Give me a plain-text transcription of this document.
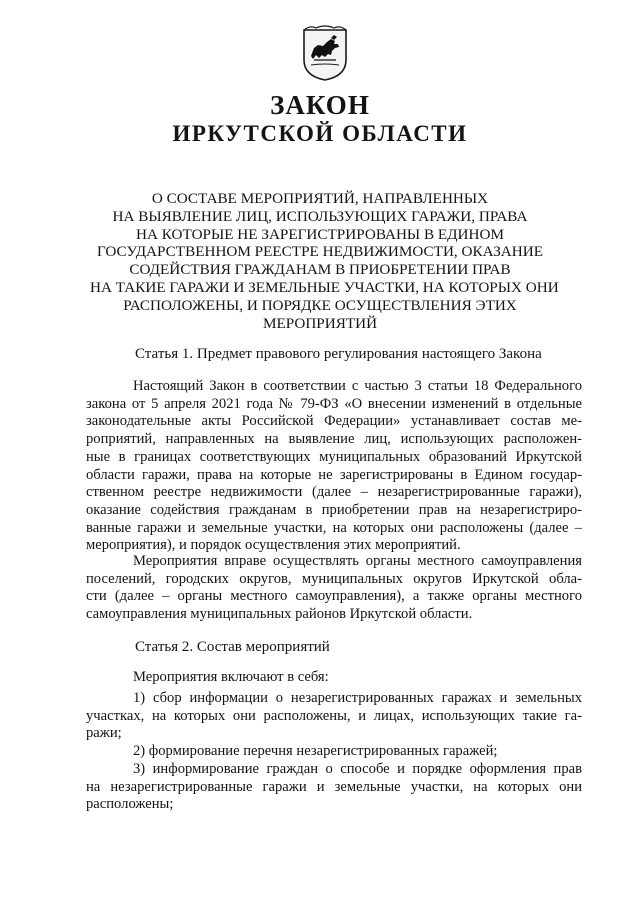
ЗАКОН
ИРКУТСКОЙ ОБЛАСТИ
О СОСТАВЕ МЕРОПРИЯТИЙ, НАПРАВЛЕННЫХ
НА ВЫЯВЛЕНИЕ ЛИЦ, ИСПОЛЬЗУЮЩИХ ГАРАЖИ, ПРАВА
НА КОТОРЫЕ НЕ ЗАРЕГИСТРИРОВАНЫ В ЕДИНОМ
ГОСУДАРСТВЕННОМ РЕЕСТРЕ НЕДВИЖИМОСТИ, ОКАЗАНИЕ
СОДЕЙСТВИЯ ГРАЖДАНАМ В ПРИОБРЕТЕНИИ ПРАВ
НА ТАКИЕ ГАРАЖИ И ЗЕМЕЛЬНЫЕ УЧАСТКИ, НА КОТОРЫХ ОНИ
РАСПОЛОЖЕНЫ, И ПОРЯДКЕ ОСУЩЕСТВЛЕНИЯ ЭТИХ
МЕРОПРИЯТИЙ
Статья 1. Предмет правового регулирования настоящего Закона
Настоящий Закон в соответствии с частью 3 статьи 18 Федерального
закона от 5 апреля 2021 года № 79-ФЗ «О внесении изменений в отдельные
законодательные акты Российской Федерации» устанавливает состав ме-
роприятий, направленных на выявление лиц, использующих расположен-
ные в границах соответствующих муниципальных образований Иркутской
области гаражи, права на которые не зарегистрированы в Едином государ-
ственном реестре недвижимости (далее – незарегистрированные гаражи),
оказание содействия гражданам в приобретении прав на незарегистриро-
ванные гаражи и земельные участки, на которых они расположены (далее –
мероприятия), и порядок осуществления этих мероприятий.
Мероприятия вправе осуществлять органы местного самоуправления
поселений, городских округов, муниципальных округов Иркутской обла-
сти (далее – органы местного самоуправления), а также органы местного
самоуправления муниципальных районов Иркутской области.
Статья 2. Состав мероприятий
Мероприятия включают в себя:
1) сбор информации о незарегистрированных гаражах и земельных
участках, на которых они расположены, и лицах, использующих такие га-
ражи;
2) формирование перечня незарегистрированных гаражей;
3) информирование граждан о способе и порядке оформления прав
на незарегистрированные гаражи и земельные участки, на которых они
расположены;
